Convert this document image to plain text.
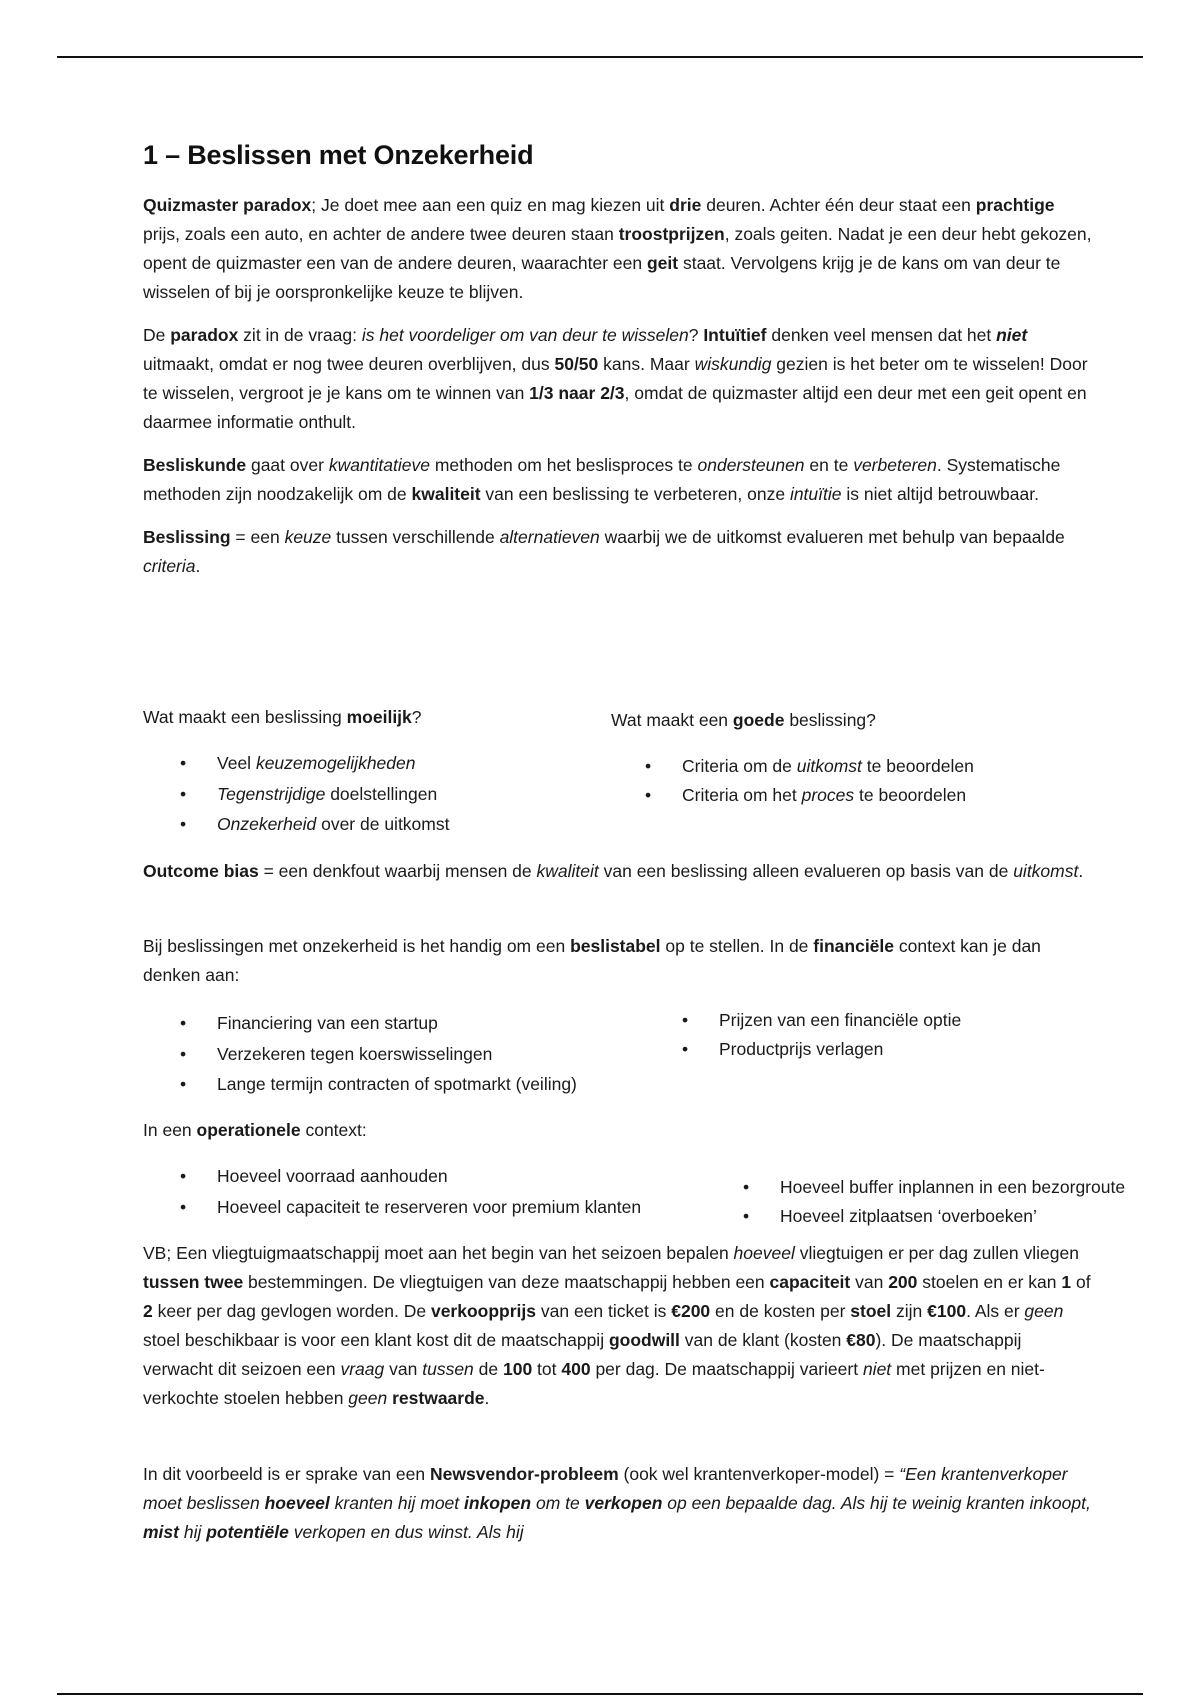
1 – Beslissen met Onzekerheid

Quizmaster paradox; Je doet mee aan een quiz en mag kiezen uit drie deuren. Achter één deur staat een prachtige prijs, zoals een auto, en achter de andere twee deuren staan troostprijzen, zoals geiten. Nadat je een deur hebt gekozen, opent de quizmaster een van de andere deuren, waarachter een geit staat. Vervolgens krijg je de kans om van deur te wisselen of bij je oorspronkelijke keuze te blijven.

De paradox zit in de vraag: is het voordeliger om van deur te wisselen? Intuïtief denken veel mensen dat het niet uitmaakt, omdat er nog twee deuren overblijven, dus 50/50 kans. Maar wiskundig gezien is het beter om te wisselen! Door te wisselen, vergroot je je kans om te winnen van 1/3 naar 2/3, omdat de quizmaster altijd een deur met een geit opent en daarmee informatie onthult.

Besliskunde gaat over kwantitatieve methoden om het beslisproces te ondersteunen en te verbeteren. Systematische methoden zijn noodzakelijk om de kwaliteit van een beslissing te verbeteren, onze intuïtie is niet altijd betrouwbaar.

Beslissing = een keuze tussen verschillende alternatieven waarbij we de uitkomst evalueren met behulp van bepaalde criteria.

Wat maakt een beslissing moeilijk?	Wat maakt een goede beslissing?
• Veel keuzemogelijkheden
• Tegenstrijdige doelstellingen
• Onzekerheid over de uitkomst
• Criteria om de uitkomst te beoordelen
• Criteria om het proces te beoordelen

Outcome bias = een denkfout waarbij mensen de kwaliteit van een beslissing alleen evalueren op basis van de uitkomst.

Bij beslissingen met onzekerheid is het handig om een beslistabel op te stellen. In de financiële context kan je dan denken aan:

• Financiering van een startup
• Verzekeren tegen koerswisselingen
• Lange termijn contracten of spotmarkt (veiling)
• Prijzen van een financiële optie
• Productprijs verlagen
In een operationele context:
• Hoeveel voorraad aanhouden
• Hoeveel capaciteit te reserveren voor premium klanten
• Hoeveel buffer inplannen in een bezorgroute
• Hoeveel zitplaatsen ‘overboeken’

VB; Een vliegtuigmaatschappij moet aan het begin van het seizoen bepalen hoeveel vliegtuigen er per dag zullen vliegen tussen twee bestemmingen. De vliegtuigen van deze maatschappij hebben een capaciteit van 200 stoelen en er kan 1 of 2 keer per dag gevlogen worden. De verkoopprijs van een ticket is €200 en de kosten per stoel zijn €100. Als er geen stoel beschikbaar is voor een klant kost dit de maatschappij goodwill van de klant (kosten €80). De maatschappij verwacht dit seizoen een vraag van tussen de 100 tot 400 per dag. De maatschappij varieert niet met prijzen en niet-verkochte stoelen hebben geen restwaarde.

In dit voorbeeld is er sprake van een Newsvendor-probleem (ook wel krantenverkoper-model) = “Een krantenverkoper moet beslissen hoeveel kranten hij moet inkopen om te verkopen op een bepaalde dag. Als hij te weinig kranten inkoopt, mist hij potentiële verkopen en dus winst. Als hij
